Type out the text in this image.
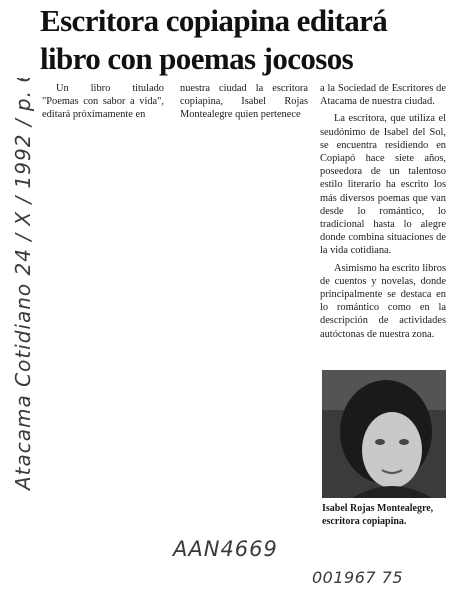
Escritora copiapina editará
libro con poemas jocosos

Un libro titulado "Poemas con sabor a vida", editará próximamente en

nuestra ciudad la escritora copiapina, Isabel Rojas Montealegre quien pertenece

a la Sociedad de Escritores de Atacama de nuestra ciudad.

La escritora, que utiliza el seudónimo de Isabel del Sol, se encuentra residiendo en Copiapó hace siete años, poseedora de un talentoso estilo literario ha escrito los más diversos poemas que van desde lo romántico, lo tradicional hasta lo alegre donde combina situaciones de la vida cotidiana.

Asimismo ha escrito libros de cuentos y novelas, donde principalmente se destaca en lo romántico como en la descripción de actividades autóctonas de nuestra zona.

Isabel Rojas Montealegre,
escritora copiapina.
Atacama Cotidiano 24 / X / 1992 / p. 6
AAN4669
001967 75
